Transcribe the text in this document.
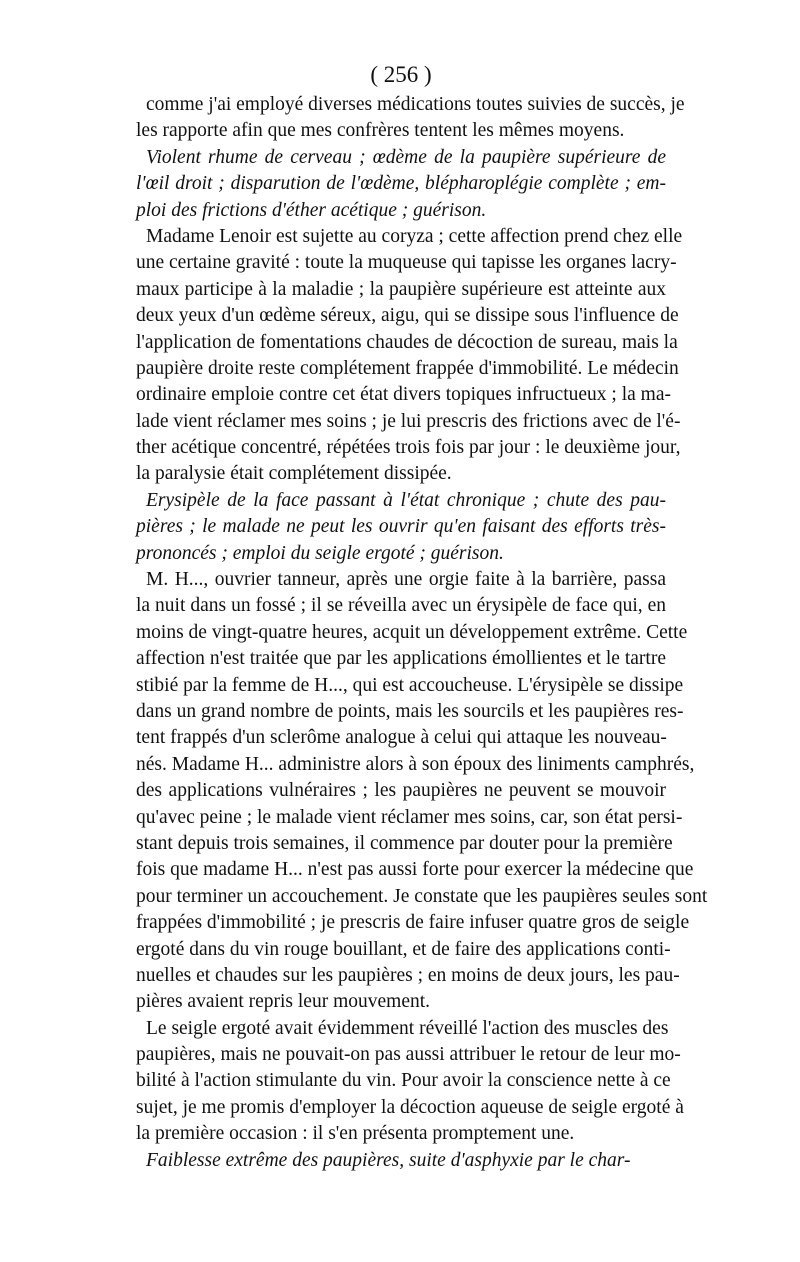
( 256 )
comme j'ai employé diverses médications toutes suivies de succès, je
les rapporte afin que mes confrères tentent les mêmes moyens.
Violent rhume de cerveau ; œdème de la paupière supérieure de
l'œil droit ; disparution de l'œdème, blépharoplégie complète ; em-
ploi des frictions d'éther acétique ; guérison.
Madame Lenoir est sujette au coryza ; cette affection prend chez elle
une certaine gravité : toute la muqueuse qui tapisse les organes lacry-
maux participe à la maladie ; la paupière supérieure est atteinte aux
deux yeux d'un œdème séreux, aigu, qui se dissipe sous l'influence de
l'application de fomentations chaudes de décoction de sureau, mais la
paupière droite reste complétement frappée d'immobilité. Le médecin
ordinaire emploie contre cet état divers topiques infructueux ; la ma-
lade vient réclamer mes soins ; je lui prescris des frictions avec de l'é-
ther acétique concentré, répétées trois fois par jour : le deuxième jour,
la paralysie était complétement dissipée.
Erysipèle de la face passant à l'état chronique ; chute des pau-
pières ; le malade ne peut les ouvrir qu'en faisant des efforts très-
prononcés ; emploi du seigle ergoté ; guérison.
M. H..., ouvrier tanneur, après une orgie faite à la barrière, passa
la nuit dans un fossé ; il se réveilla avec un érysipèle de face qui, en
moins de vingt-quatre heures, acquit un développement extrême. Cette
affection n'est traitée que par les applications émollientes et le tartre
stibié par la femme de H..., qui est accoucheuse. L'érysipèle se dissipe
dans un grand nombre de points, mais les sourcils et les paupières res-
tent frappés d'un sclerôme analogue à celui qui attaque les nouveau-
nés. Madame H... administre alors à son époux des liniments camphrés,
des applications vulnéraires ; les paupières ne peuvent se mouvoir
qu'avec peine ; le malade vient réclamer mes soins, car, son état persi-
stant depuis trois semaines, il commence par douter pour la première
fois que madame H... n'est pas aussi forte pour exercer la médecine que
pour terminer un accouchement. Je constate que les paupières seules sont
frappées d'immobilité ; je prescris de faire infuser quatre gros de seigle
ergoté dans du vin rouge bouillant, et de faire des applications conti-
nuelles et chaudes sur les paupières ; en moins de deux jours, les pau-
pières avaient repris leur mouvement.
Le seigle ergoté avait évidemment réveillé l'action des muscles des
paupières, mais ne pouvait-on pas aussi attribuer le retour de leur mo-
bilité à l'action stimulante du vin. Pour avoir la conscience nette à ce
sujet, je me promis d'employer la décoction aqueuse de seigle ergoté à
la première occasion : il s'en présenta promptement une.
Faiblesse extrême des paupières, suite d'asphyxie par le char-
